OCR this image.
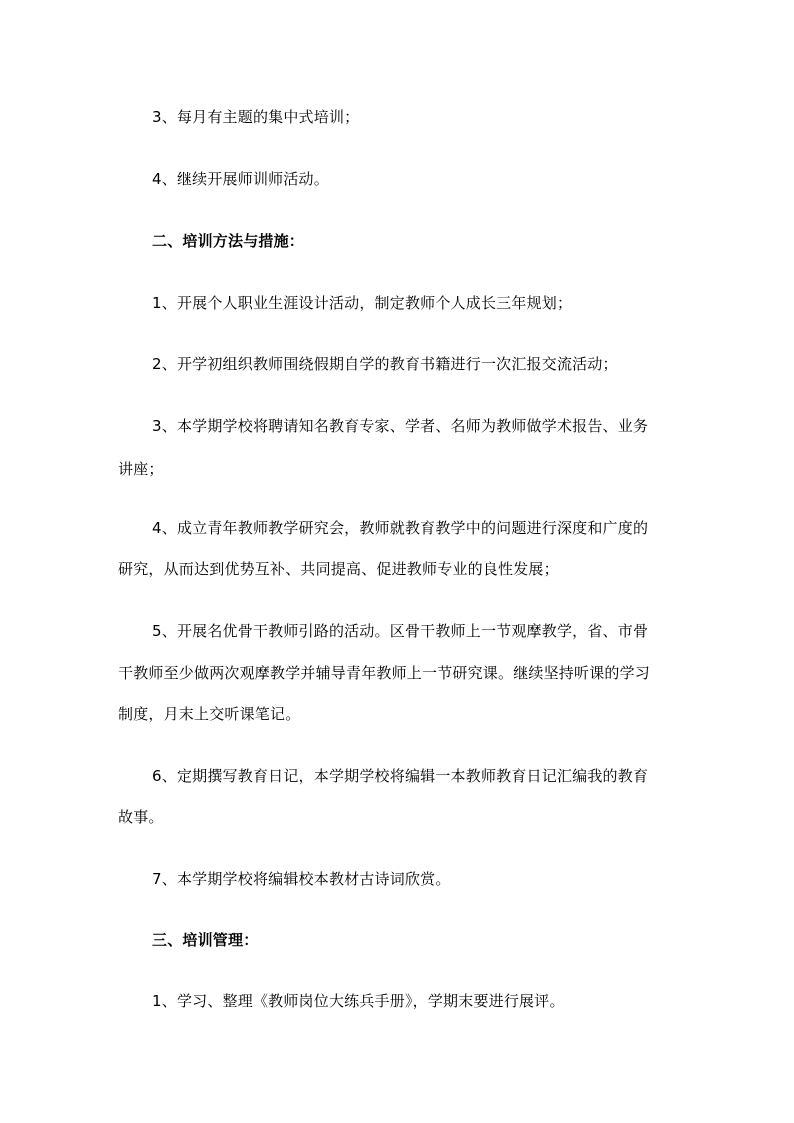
3、每月有主题的集中式培训；

4、继续开展师训师活动。

二、培训方法与措施：

1、开展个人职业生涯设计活动，制定教师个人成长三年规划；

2、开学初组织教师围绕假期自学的教育书籍进行一次汇报交流活动；

3、本学期学校将聘请知名教育专家、学者、名师为教师做学术报告、业务

讲座；

4、成立青年教师教学研究会，教师就教育教学中的问题进行深度和广度的

研究，从而达到优势互补、共同提高、促进教师专业的良性发展；

5、开展名优骨干教师引路的活动。区骨干教师上一节观摩教学，省、市骨

干教师至少做两次观摩教学并辅导青年教师上一节研究课。继续坚持听课的学习

制度，月末上交听课笔记。

6、定期撰写教育日记，本学期学校将编辑一本教师教育日记汇编我的教育

故事。

7、本学期学校将编辑校本教材古诗词欣赏。

三、培训管理：

1、学习、整理《教师岗位大练兵手册》，学期末要进行展评。
